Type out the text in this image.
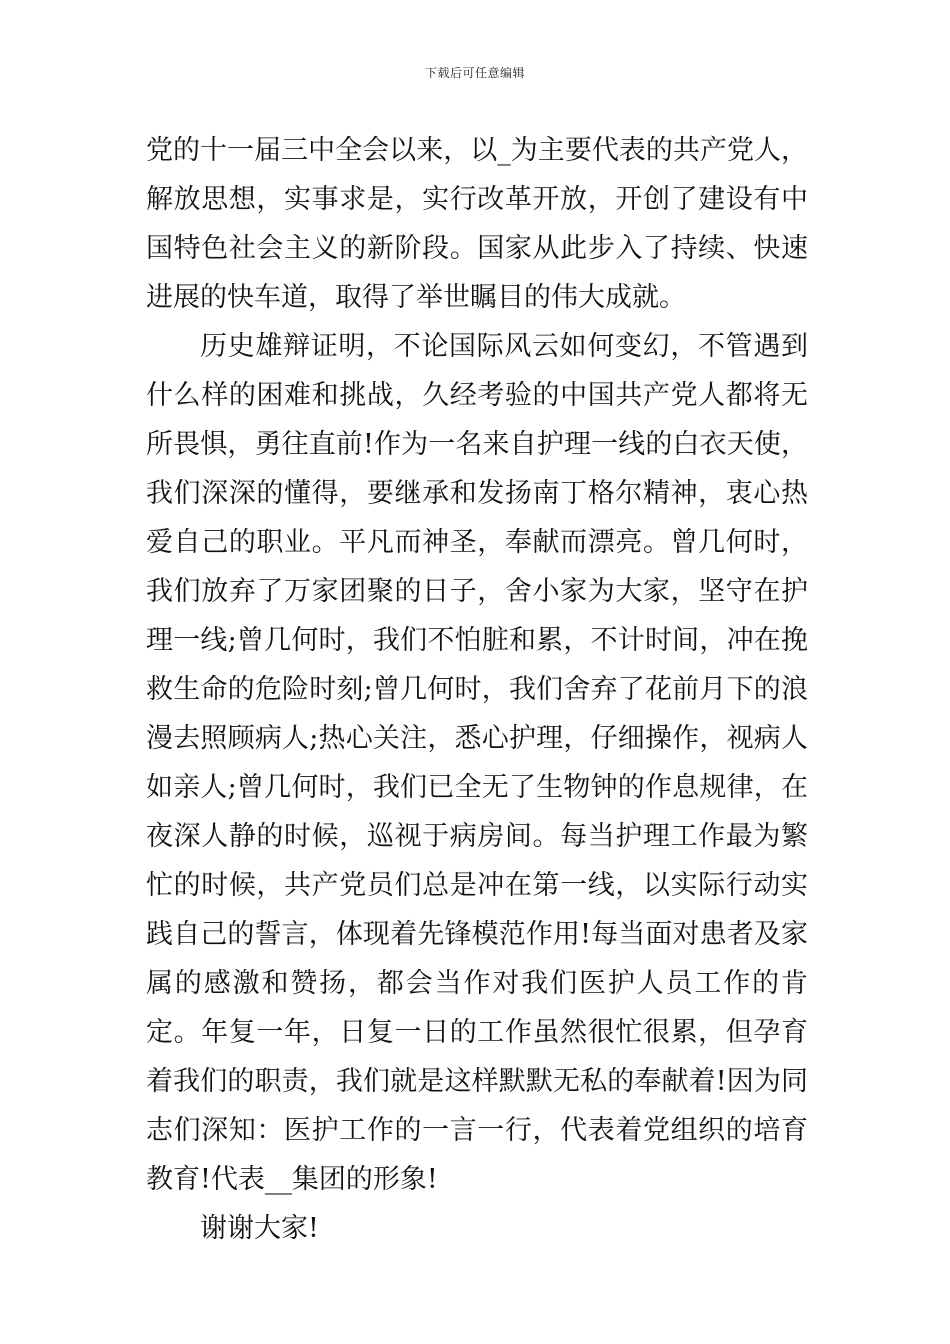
下载后可任意编辑

党的十一届三中全会以来，以_为主要代表的共产党人，解放思想，实事求是，实行改革开放，开创了建设有中国特色社会主义的新阶段。国家从此步入了持续、快速进展的快车道，取得了举世瞩目的伟大成就。

历史雄辩证明，不论国际风云如何变幻，不管遇到什么样的困难和挑战，久经考验的中国共产党人都将无所畏惧，勇往直前!作为一名来自护理一线的白衣天使，我们深深的懂得，要继承和发扬南丁格尔精神，衷心热爱自己的职业。平凡而神圣，奉献而漂亮。曾几何时，我们放弃了万家团聚的日子，舍小家为大家，坚守在护理一线;曾几何时，我们不怕脏和累，不计时间，冲在挽救生命的危险时刻;曾几何时，我们舍弃了花前月下的浪漫去照顾病人;热心关注，悉心护理，仔细操作，视病人如亲人;曾几何时，我们已全无了生物钟的作息规律，在夜深人静的时候，巡视于病房间。每当护理工作最为繁忙的时候，共产党员们总是冲在第一线，以实际行动实践自己的誓言，体现着先锋模范作用!每当面对患者及家属的感激和赞扬，都会当作对我们医护人员工作的肯定。年复一年，日复一日的工作虽然很忙很累，但孕育着我们的职责，我们就是这样默默无私的奉献着!因为同志们深知：医护工作的一言一行，代表着党组织的培育教育!代表__集团的形象!

谢谢大家!
